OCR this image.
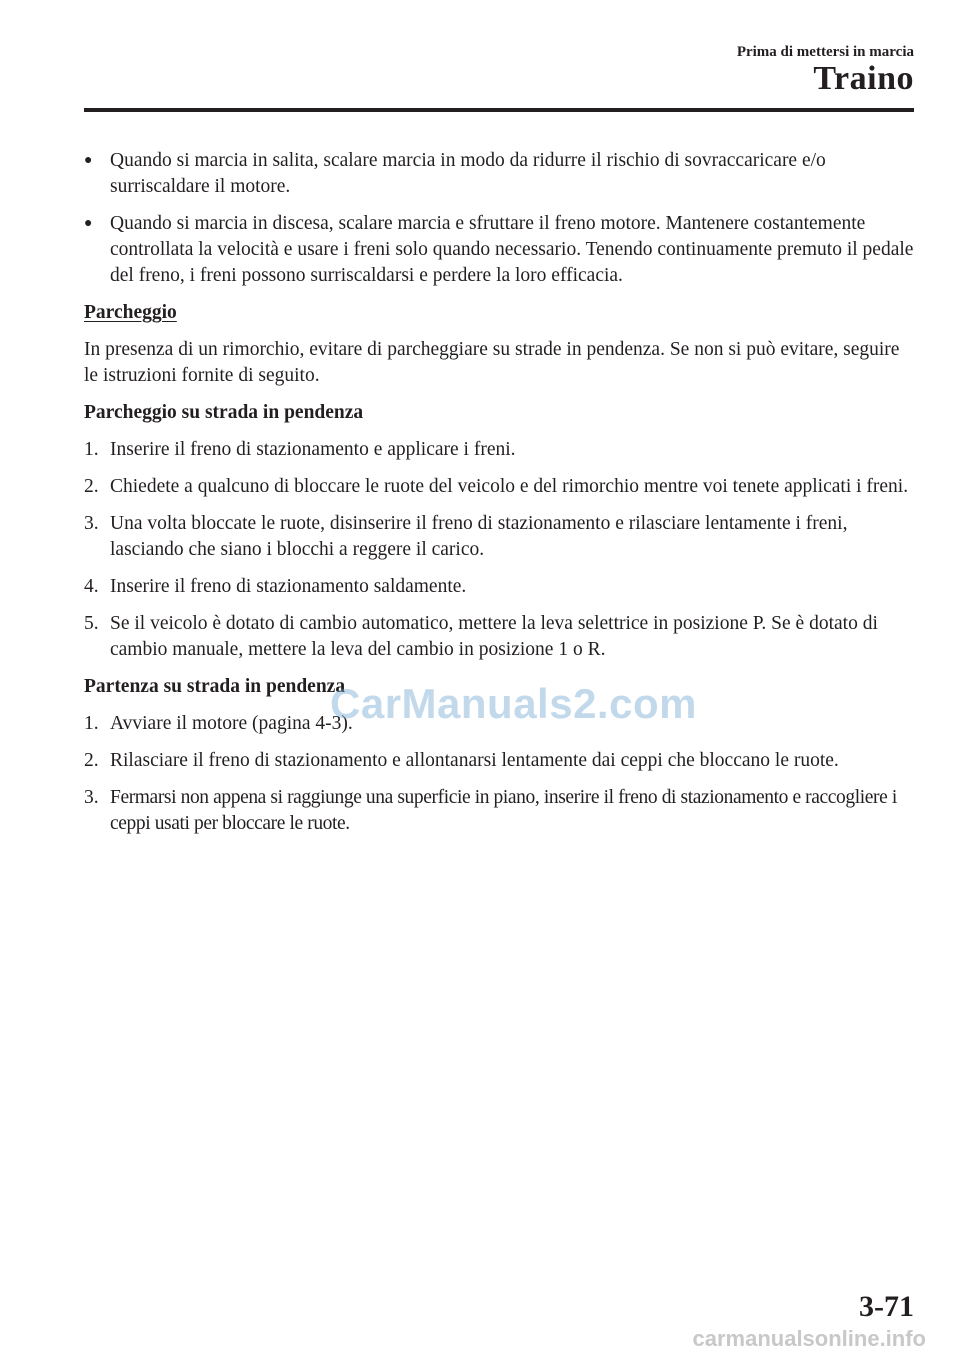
Prima di mettersi in marcia
Traino
● Quando si marcia in salita, scalare marcia in modo da ridurre il rischio di sovraccaricare e/o surriscaldare il motore.
● Quando si marcia in discesa, scalare marcia e sfruttare il freno motore. Mantenere costantemente controllata la velocità e usare i freni solo quando necessario. Tenendo continuamente premuto il pedale del freno, i freni possono surriscaldarsi e perdere la loro efficacia.
Parcheggio
In presenza di un rimorchio, evitare di parcheggiare su strade in pendenza. Se non si può evitare, seguire le istruzioni fornite di seguito.
Parcheggio su strada in pendenza
1. Inserire il freno di stazionamento e applicare i freni.
2. Chiedete a qualcuno di bloccare le ruote del veicolo e del rimorchio mentre voi tenete applicati i freni.
3. Una volta bloccate le ruote, disinserire il freno di stazionamento e rilasciare lentamente i freni, lasciando che siano i blocchi a reggere il carico.
4. Inserire il freno di stazionamento saldamente.
5. Se il veicolo è dotato di cambio automatico, mettere la leva selettrice in posizione P. Se è dotato di cambio manuale, mettere la leva del cambio in posizione 1 o R.
Partenza su strada in pendenza
1. Avviare il motore (pagina 4-3).
2. Rilasciare il freno di stazionamento e allontanarsi lentamente dai ceppi che bloccano le ruote.
3. Fermarsi non appena si raggiunge una superficie in piano, inserire il freno di stazionamento e raccogliere i ceppi usati per bloccare le ruote.
CarManuals2.com
3-71
carmanualsonline.info
